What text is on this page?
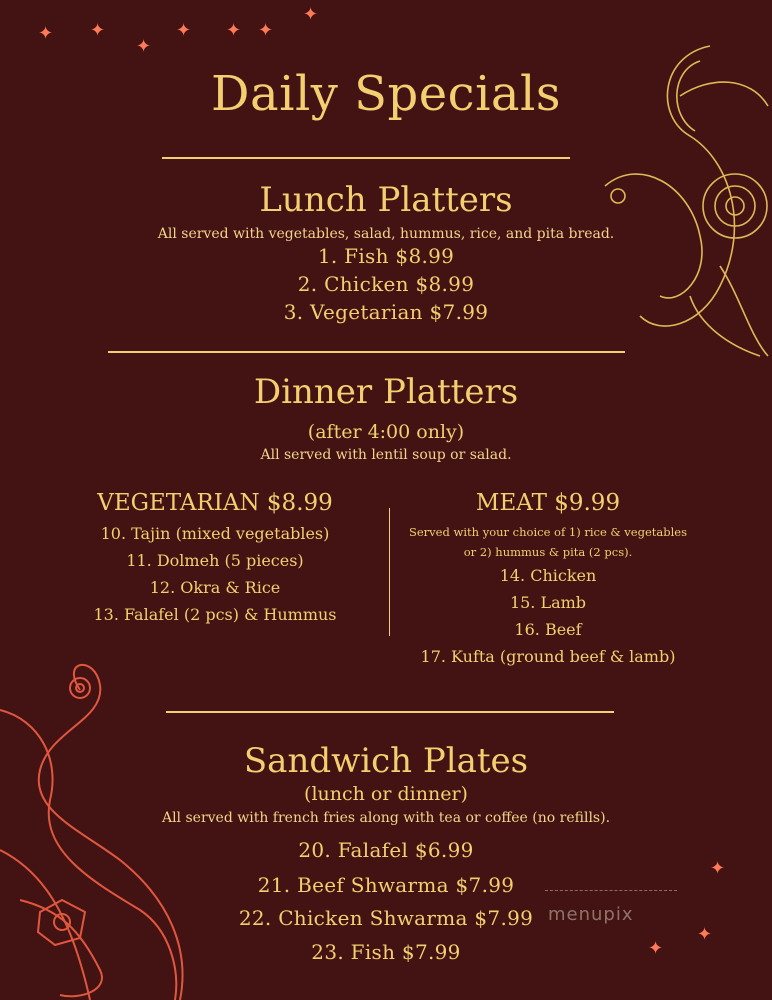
✦ ✦
✦
✦ ✦ ✦
✦
✦
✦
✦
Daily Specials
Lunch Platters
All served with vegetables, salad, hummus, rice, and pita bread.
1. Fish $8.99
2. Chicken $8.99
3. Vegetarian $7.99
Dinner Platters
(after 4:00 only)
All served with lentil soup or salad.
VEGETARIAN $8.99
10. Tajin (mixed vegetables)
11. Dolmeh (5 pieces)
12. Okra & Rice
13. Falafel (2 pcs) & Hummus
MEAT $9.99
Served with your choice of 1) rice & vegetables
or 2) hummus & pita (2 pcs).
14. Chicken
15. Lamb
16. Beef
17. Kufta (ground beef & lamb)
Sandwich Plates
(lunch or dinner)
All served with french fries along with tea or coffee (no refills).
20. Falafel $6.99
21. Beef Shwarma $7.99
22. Chicken Shwarma $7.99
23. Fish $7.99
menupix
